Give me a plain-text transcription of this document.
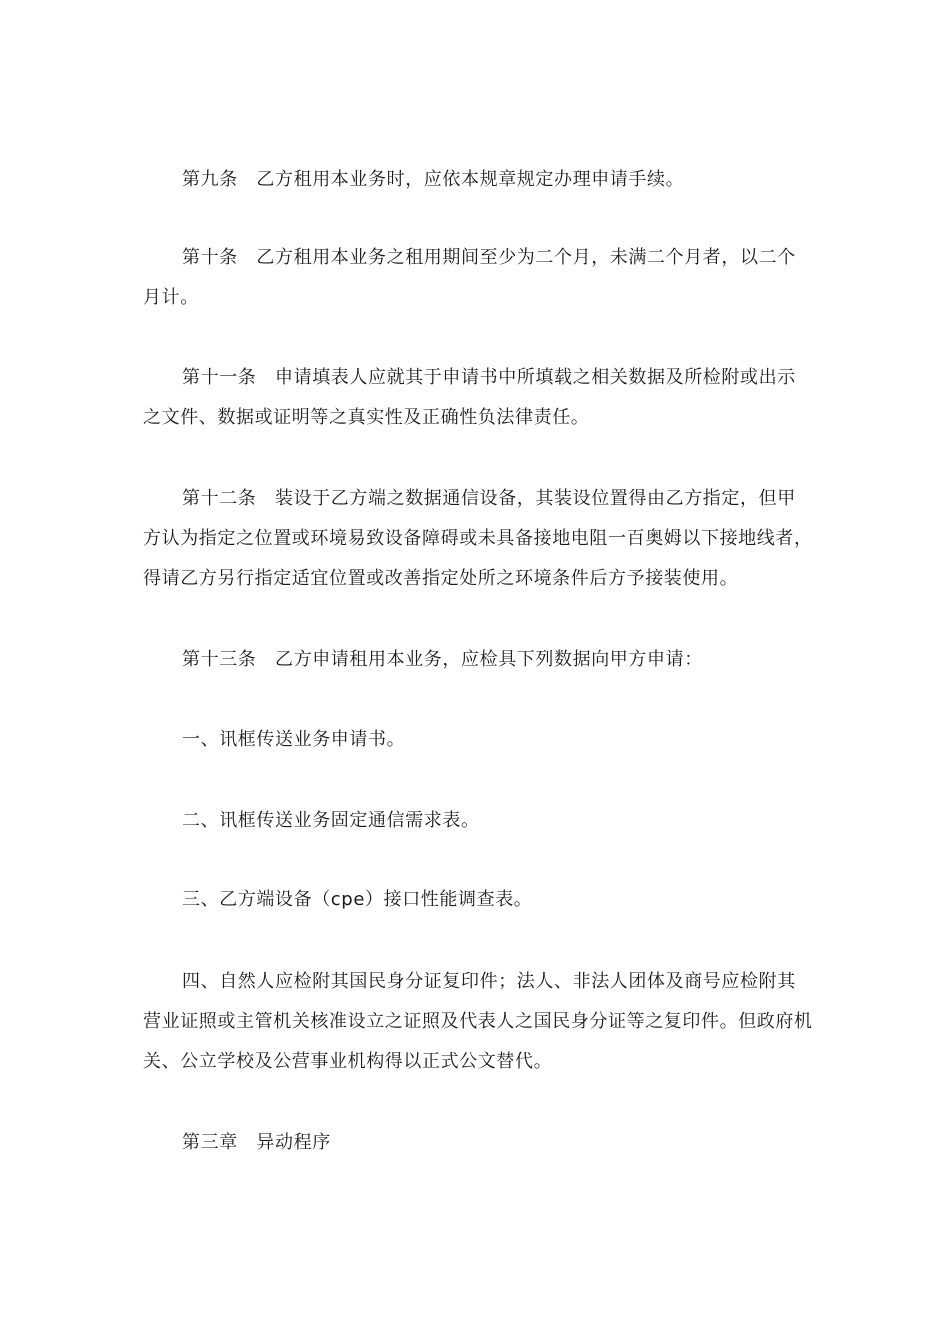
第九条　乙方租用本业务时，应依本规章规定办理申请手续。

第十条　乙方租用本业务之租用期间至少为二个月，未满二个月者，以二个月计。

第十一条　申请填表人应就其于申请书中所填载之相关数据及所检附或出示之文件、数据或证明等之真实性及正确性负法律责任。

第十二条　装设于乙方端之数据通信设备，其装设位置得由乙方指定，但甲方认为指定之位置或环境易致设备障碍或未具备接地电阻一百奥姆以下接地线者，得请乙方另行指定适宜位置或改善指定处所之环境条件后方予接装使用。

第十三条　乙方申请租用本业务，应检具下列数据向甲方申请：

一、讯框传送业务申请书。

二、讯框传送业务固定通信需求表。

三、乙方端设备（cpe）接口性能调查表。

四、自然人应检附其国民身分证复印件；法人、非法人团体及商号应检附其营业证照或主管机关核准设立之证照及代表人之国民身分证等之复印件。但政府机关、公立学校及公营事业机构得以正式公文替代。

第三章　异动程序
